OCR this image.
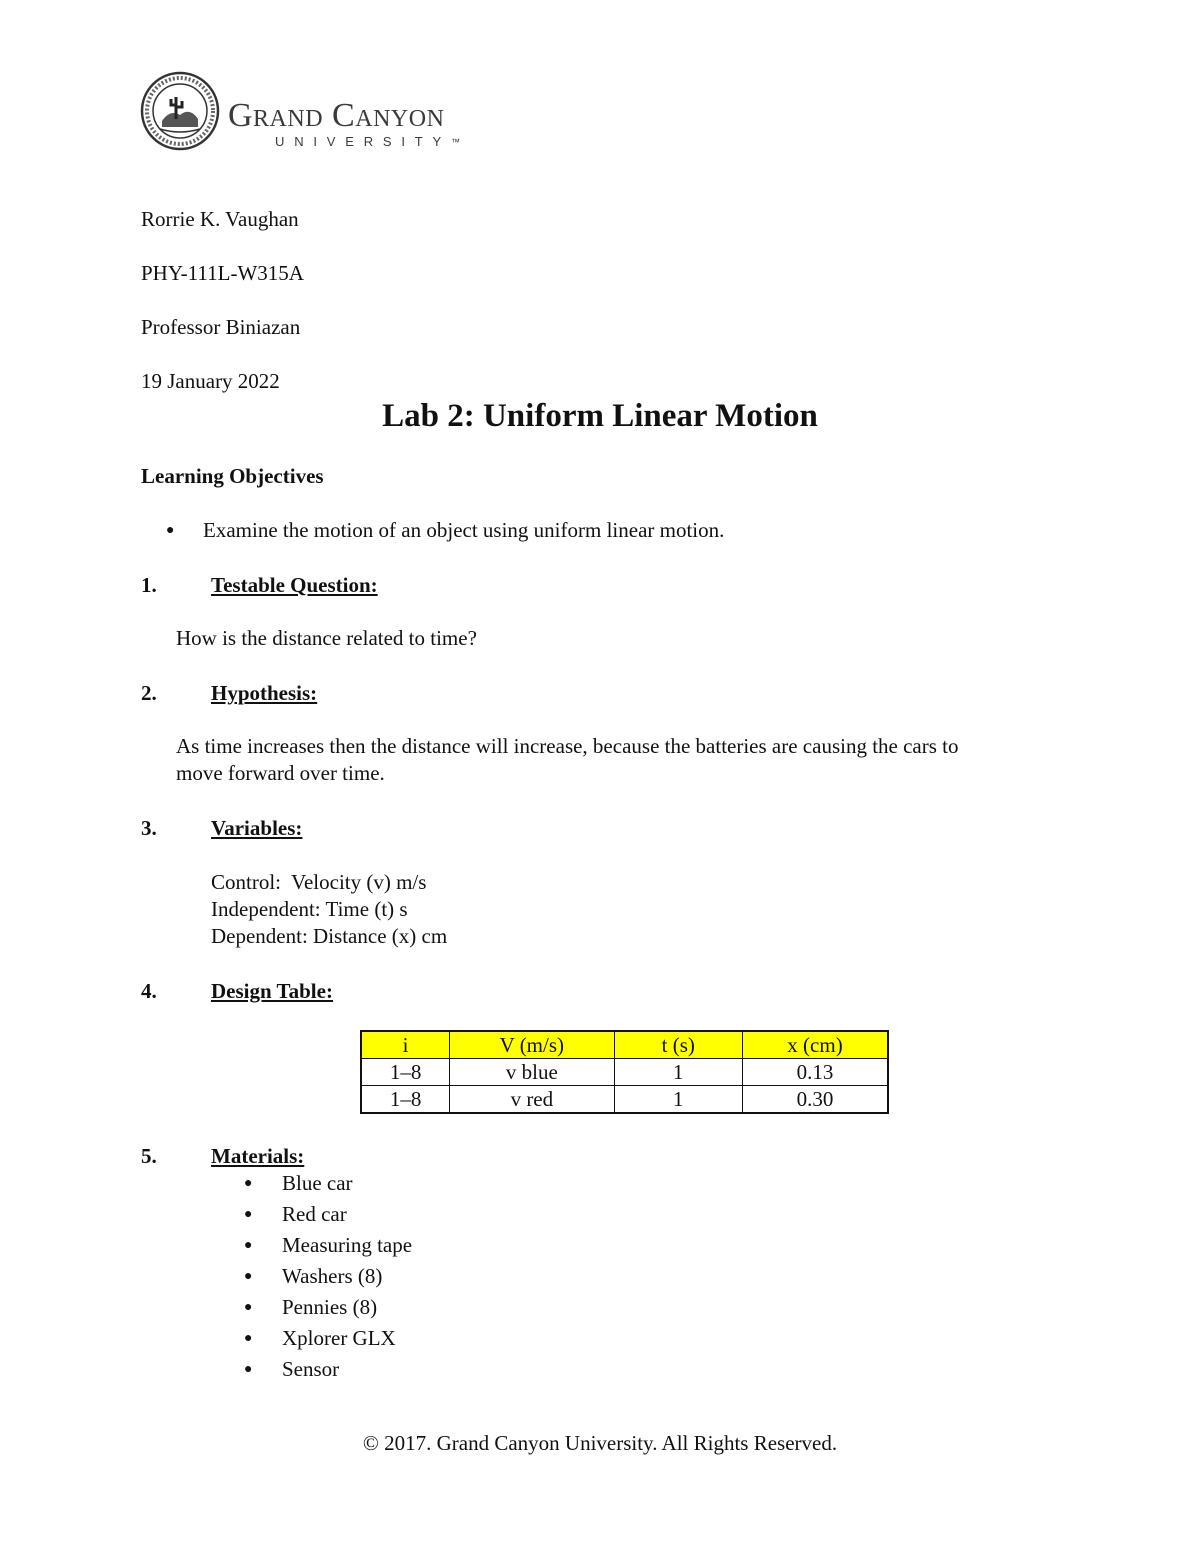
Grand Canyon
UNIVERSITY™
Rorrie K. Vaughan
PHY-111L-W315A
Professor Biniazan
19 January 2022
Lab 2: Uniform Linear Motion
Learning Objectives
● Examine the motion of an object using uniform linear motion.
1.	Testable Question:
How is the distance related to time?
2.	Hypothesis:
As time increases then the distance will increase, because the batteries are causing the cars to
move forward over time.
3.	Variables:
Control:  Velocity (v) m/s
Independent: Time (t) s
Dependent: Distance (x) cm
4.	Design Table:
i	V (m/s)	t (s)	x (cm)
1–8	v blue	1	0.13
1–8	v red	1	0.30
5.	Materials:
● Blue car
● Red car
● Measuring tape
● Washers (8)
● Pennies (8)
● Xplorer GLX
● Sensor
© 2017. Grand Canyon University. All Rights Reserved.
